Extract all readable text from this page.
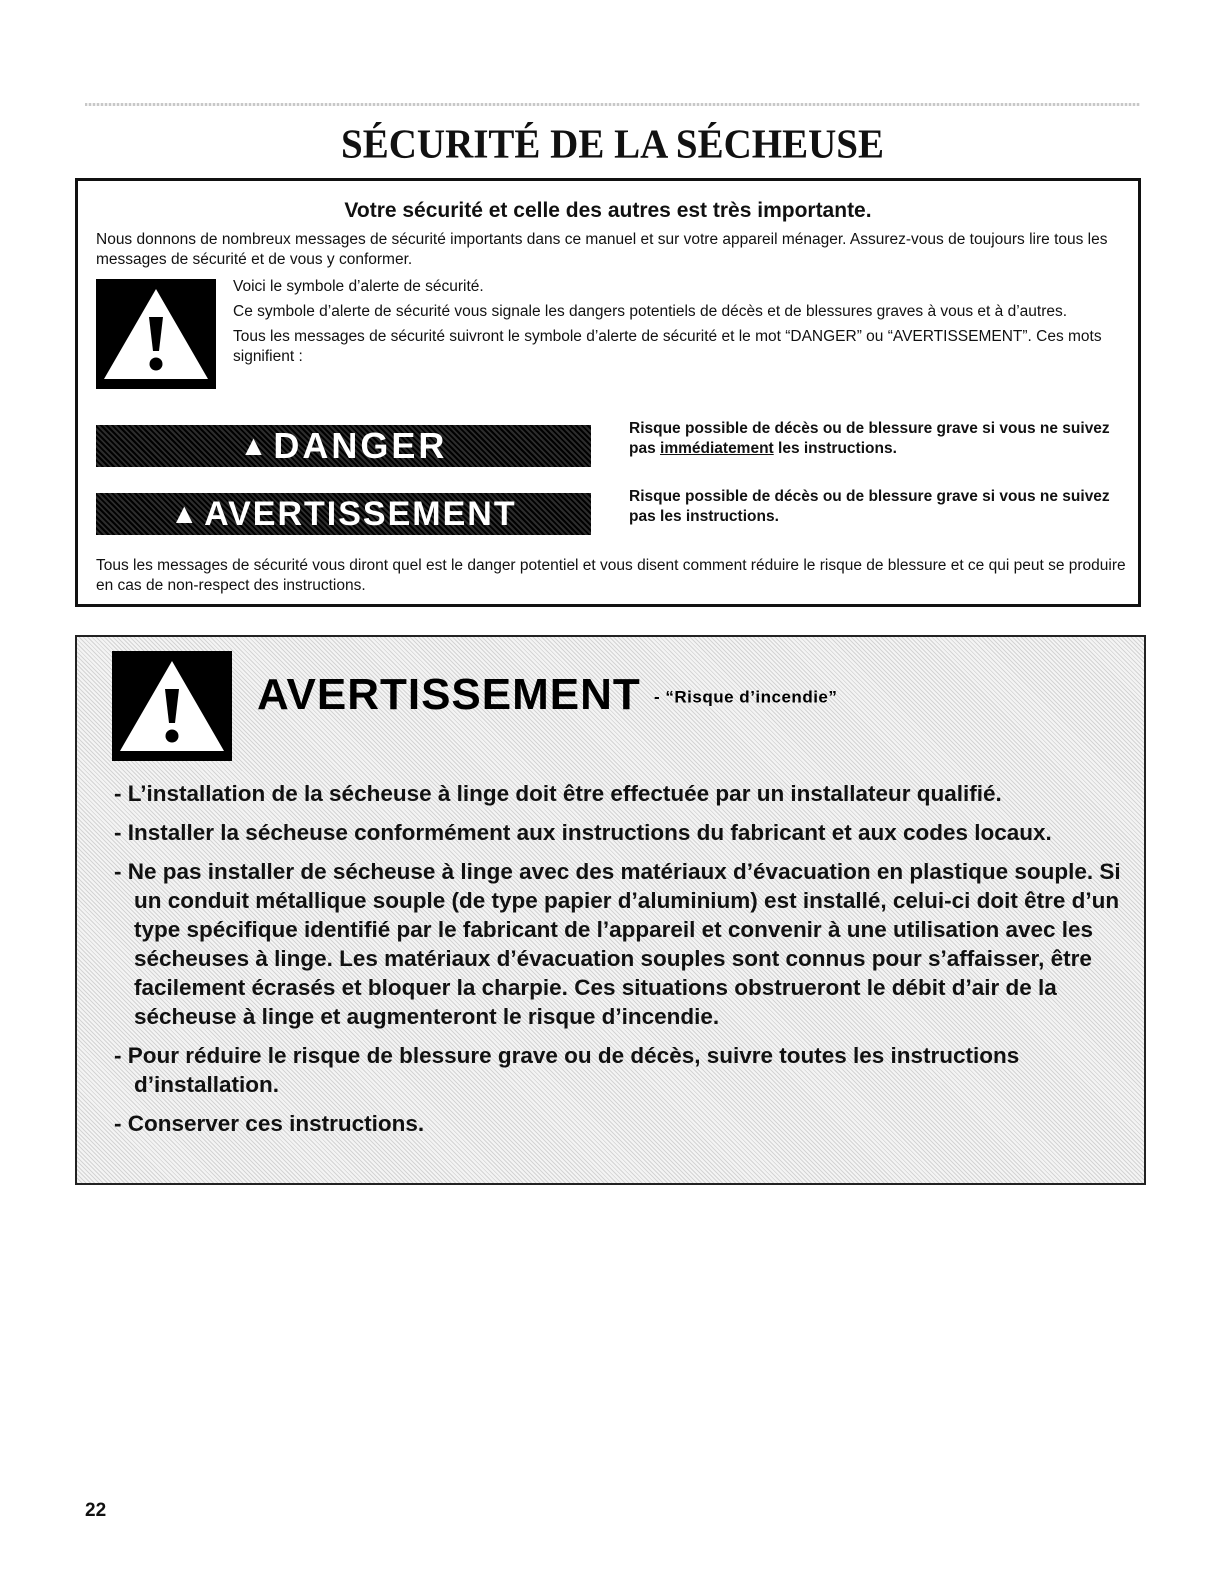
SÉCURITÉ DE LA SÉCHEUSE
Votre sécurité et celle des autres est très importante.

Nous donnons de nombreux messages de sécurité importants dans ce manuel et sur votre appareil ménager. Assurez-vous de toujours lire tous les messages de sécurité et de vous y conformer.

Voici le symbole d’alerte de sécurité.

Ce symbole d’alerte de sécurité vous signale les dangers potentiels de décès et de blessures graves à vous et à d’autres.

Tous les messages de sécurité suivront le symbole d’alerte de sécurité et le mot “DANGER” ou “AVERTISSEMENT”. Ces mots signifient :

▲ DANGER	Risque possible de décès ou de blessure grave si vous ne suivez pas immédiatement les instructions.

▲ AVERTISSEMENT	Risque possible de décès ou de blessure grave si vous ne suivez pas les instructions.

Tous les messages de sécurité vous diront quel est le danger potentiel et vous disent comment réduire le risque de blessure et ce qui peut se produire en cas de non-respect des instructions.

AVERTISSEMENT - “Risque d’incendie”
- L’installation de la sécheuse à linge doit être effectuée par un installateur qualifié.
- Installer la sécheuse conformément aux instructions du fabricant et aux codes locaux.
- Ne pas installer de sécheuse à linge avec des matériaux d’évacuation en plastique souple. Si un conduit métallique souple (de type papier d’aluminium) est installé, celui-ci doit être d’un type spécifique identifié par le fabricant de l’appareil et convenir à une utilisation avec les sécheuses à linge. Les matériaux d’évacuation souples sont connus pour s’affaisser, être facilement écrasés et bloquer la charpie. Ces situations obstrueront le débit d’air de la sécheuse à linge et augmenteront le risque d’incendie.
- Pour réduire le risque de blessure grave ou de décès, suivre toutes les instructions d’installation.
- Conserver ces instructions.
22
